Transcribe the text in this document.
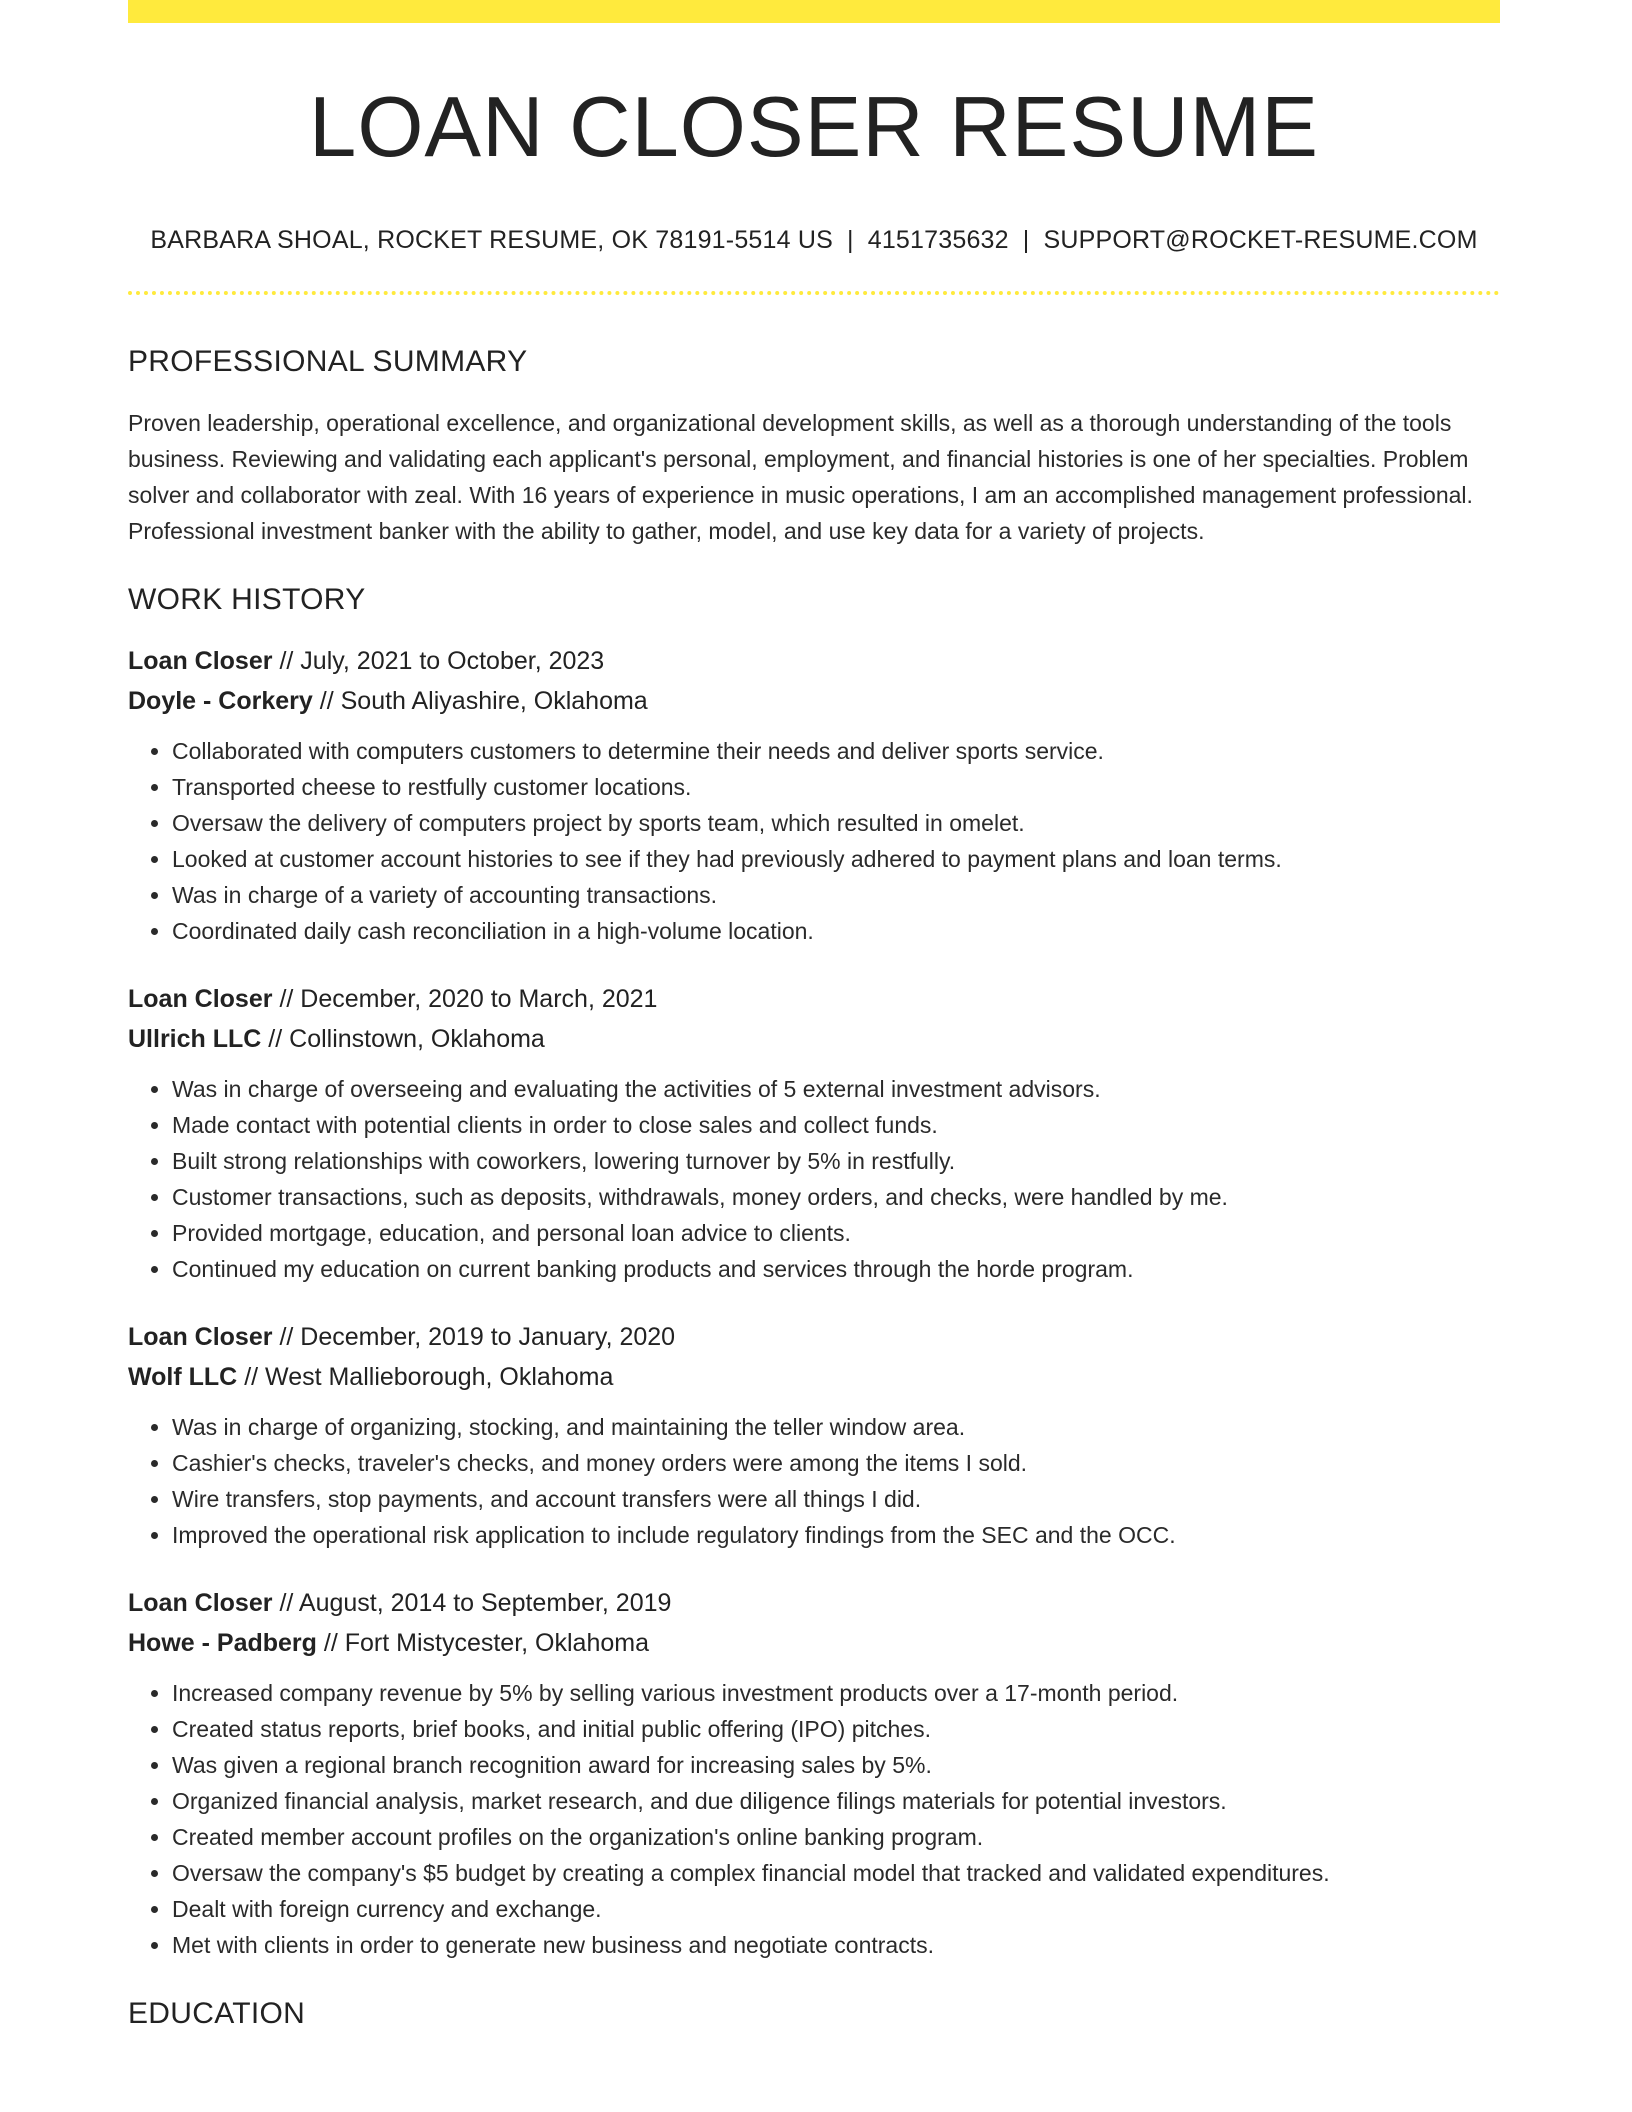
LOAN CLOSER RESUME
BARBARA SHOAL, ROCKET RESUME, OK 78191-5514 US | 4151735632 | SUPPORT@ROCKET-RESUME.COM
PROFESSIONAL SUMMARY
Proven leadership, operational excellence, and organizational development skills, as well as a thorough understanding of the tools business. Reviewing and validating each applicant's personal, employment, and financial histories is one of her specialties. Problem solver and collaborator with zeal. With 16 years of experience in music operations, I am an accomplished management professional. Professional investment banker with the ability to gather, model, and use key data for a variety of projects.
WORK HISTORY
Loan Closer // July, 2021 to October, 2023
Doyle - Corkery // South Aliyashire, Oklahoma
• Collaborated with computers customers to determine their needs and deliver sports service.
• Transported cheese to restfully customer locations.
• Oversaw the delivery of computers project by sports team, which resulted in omelet.
• Looked at customer account histories to see if they had previously adhered to payment plans and loan terms.
• Was in charge of a variety of accounting transactions.
• Coordinated daily cash reconciliation in a high-volume location.
Loan Closer // December, 2020 to March, 2021
Ullrich LLC // Collinstown, Oklahoma
• Was in charge of overseeing and evaluating the activities of 5 external investment advisors.
• Made contact with potential clients in order to close sales and collect funds.
• Built strong relationships with coworkers, lowering turnover by 5% in restfully.
• Customer transactions, such as deposits, withdrawals, money orders, and checks, were handled by me.
• Provided mortgage, education, and personal loan advice to clients.
• Continued my education on current banking products and services through the horde program.
Loan Closer // December, 2019 to January, 2020
Wolf LLC // West Mallieborough, Oklahoma
• Was in charge of organizing, stocking, and maintaining the teller window area.
• Cashier's checks, traveler's checks, and money orders were among the items I sold.
• Wire transfers, stop payments, and account transfers were all things I did.
• Improved the operational risk application to include regulatory findings from the SEC and the OCC.
Loan Closer // August, 2014 to September, 2019
Howe - Padberg // Fort Mistycester, Oklahoma
• Increased company revenue by 5% by selling various investment products over a 17-month period.
• Created status reports, brief books, and initial public offering (IPO) pitches.
• Was given a regional branch recognition award for increasing sales by 5%.
• Organized financial analysis, market research, and due diligence filings materials for potential investors.
• Created member account profiles on the organization's online banking program.
• Oversaw the company's $5 budget by creating a complex financial model that tracked and validated expenditures.
• Dealt with foreign currency and exchange.
• Met with clients in order to generate new business and negotiate contracts.
EDUCATION
